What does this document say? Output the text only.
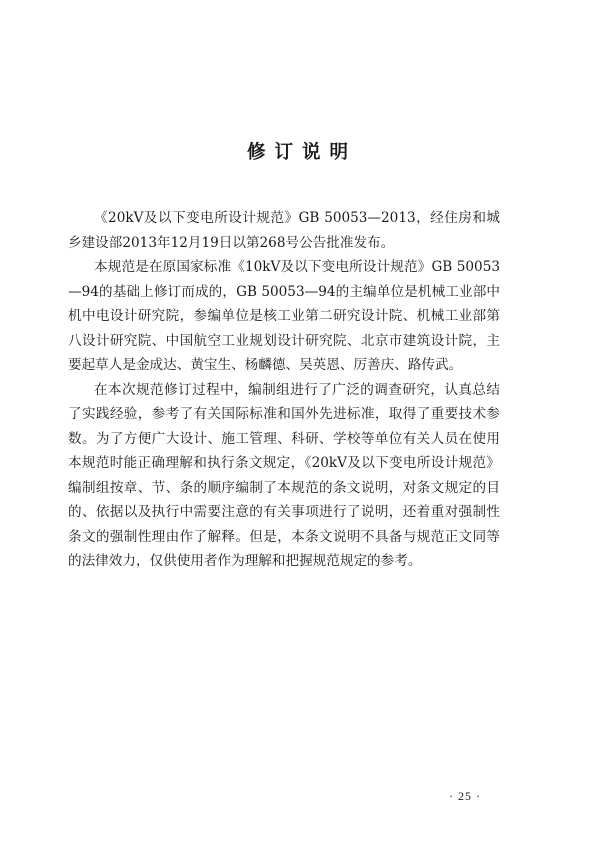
修订说明

《20kV及以下变电所设计规范》GB 50053—2013，经住房和城乡建设部2013年12月19日以第268号公告批准发布。

本规范是在原国家标准《10kV及以下变电所设计规范》GB 50053—94的基础上修订而成的，GB 50053—94的主编单位是机械工业部中机中电设计研究院，参编单位是核工业第二研究设计院、机械工业部第八设计研究院、中国航空工业规划设计研究院、北京市建筑设计院，主要起草人是金成达、黄宝生、杨麟德、吴英恩、厉善庆、路传武。

在本次规范修订过程中，编制组进行了广泛的调查研究，认真总结了实践经验，参考了有关国际标准和国外先进标准，取得了重要技术参数。为了方便广大设计、施工管理、科研、学校等单位有关人员在使用本规范时能正确理解和执行条文规定，《20kV及以下变电所设计规范》编制组按章、节、条的顺序编制了本规范的条文说明，对条文规定的目的、依据以及执行中需要注意的有关事项进行了说明，还着重对强制性条文的强制性理由作了解释。但是，本条文说明不具备与规范正文同等的法律效力，仅供使用者作为理解和把握规范规定的参考。

· 25 ·
